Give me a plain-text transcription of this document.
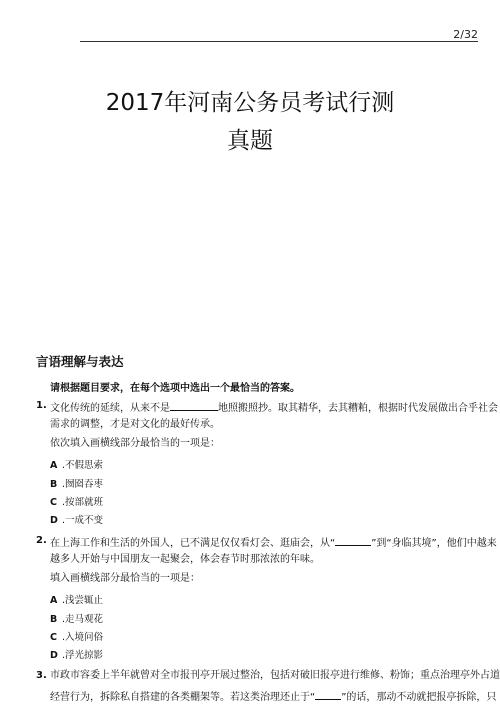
2/32
2017年河南公务员考试行测
真题
言语理解与表达
请根据题目要求，在每个选项中选出一个最恰当的答案。
1. 文化传统的延续，从来不是	地照搬照抄。取其精华，去其糟粕，根据时代发展做出合乎社会
需求的调整，才是对文化的最好传承。
依次填入画横线部分最恰当的一项是：
A .不假思索
B .囫囵吞枣
C .按部就班
D .一成不变
2. 在上海工作和生活的外国人，已不满足仅仅看灯会、逛庙会，从“	”到“身临其境”，他们中越来
越多人开始与中国朋友一起聚会，体会春节时那浓浓的年味。
填入画横线部分最恰当的一项是：
A .浅尝辄止
B .走马观花
C .入境问俗
D .浮光掠影
3. 市政市容委上半年就曾对全市报刊亭开展过整治，包括对破旧报亭进行维修、粉饰；重点治理亭外占道
经营行为，拆除私自搭建的各类棚架等。若这类治理还止于“	”的话，那动不动就把报亭拆除，只
